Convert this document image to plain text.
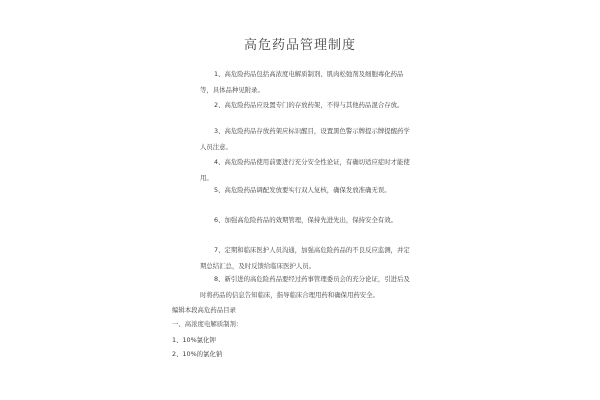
高危药品管理制度
1、高危险药品包括高浓度电解质制剂、肌肉松弛剂及细胞毒化药品等，具体品种见附录。
2、高危险药品应设置专门的存放药架，不得与其他药品混合存放。
3、高危险药品存放药架应标识醒目，设置黑色警示牌提示牌提醒药学人员注意。
4、高危险药品使用前要进行充分安全性论证，有确切适应症时才能使用。
5、高危险药品调配发放要实行双人复核，确保发放准确无误。
6、加强高危险药品的效期管理，保持先进先出，保持安全有效。
7、定期和临床医护人员沟通，加强高危险药品的不良反应监测，并定期总结汇总，及时反馈给临床医护人员。
8、新引进的高危险药品要经过药事管理委员会的充分论证，引进后及时将药品的信息告知临床，指导临床合理用药和确保用药安全。
编辑本段高危药品目录
一、高浓度电解质制剂：
1、10%氯化钾
2、10%的氯化钠
